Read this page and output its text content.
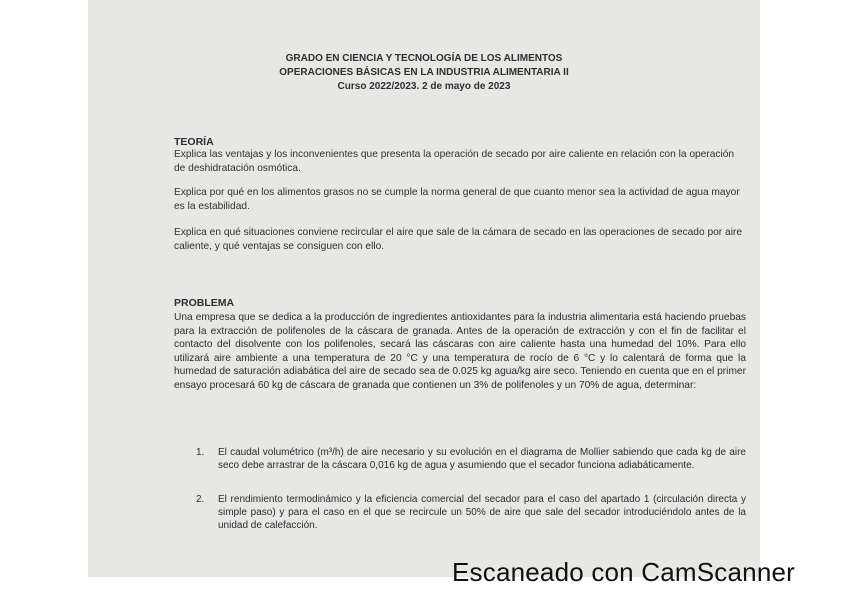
GRADO EN CIENCIA Y TECNOLOGÍA DE LOS ALIMENTOS
OPERACIONES BÁSICAS EN LA INDUSTRIA ALIMENTARIA II
Curso 2022/2023. 2 de mayo de 2023
TEORÍA
Explica las ventajas y los inconvenientes que presenta la operación de secado por aire caliente en relación con la operación de deshidratación osmótica.
Explica por qué en los alimentos grasos no se cumple la norma general de que cuanto menor sea la actividad de agua mayor es la estabilidad.
Explica en qué situaciones conviene recircular el aire que sale de la cámara de secado en las operaciones de secado por aire caliente, y qué ventajas se consiguen con ello.
PROBLEMA
Una empresa que se dedica a la producción de ingredientes antioxidantes para la industria alimentaria está haciendo pruebas para la extracción de polifenoles de la cáscara de granada. Antes de la operación de extracción y con el fin de facilitar el contacto del disolvente con los polifenoles, secará las cáscaras con aire caliente hasta una humedad del 10%. Para ello utilizará aire ambiente a una temperatura de 20 °C y una temperatura de rocío de 6 °C y lo calentará de forma que la humedad de saturación adiabática del aire de secado sea de 0.025 kg agua/kg aire seco. Teniendo en cuenta que en el primer ensayo procesará 60 kg de cáscara de granada que contienen un 3% de polifenoles y un 70% de agua, determinar:
1.	El caudal volumétrico (m³/h) de aire necesario y su evolución en el diagrama de Mollier sabiendo que cada kg de aire seco debe arrastrar de la cáscara 0,016 kg de agua y asumiendo que el secador funciona adiabáticamente.
2.	El rendimiento termodinámico y la eficiencia comercial del secador para el caso del apartado 1 (circulación directa y simple paso) y para el caso en el que se recircule un 50% de aire que sale del secador introduciéndolo antes de la unidad de calefacción.
Escaneado con CamScanner
